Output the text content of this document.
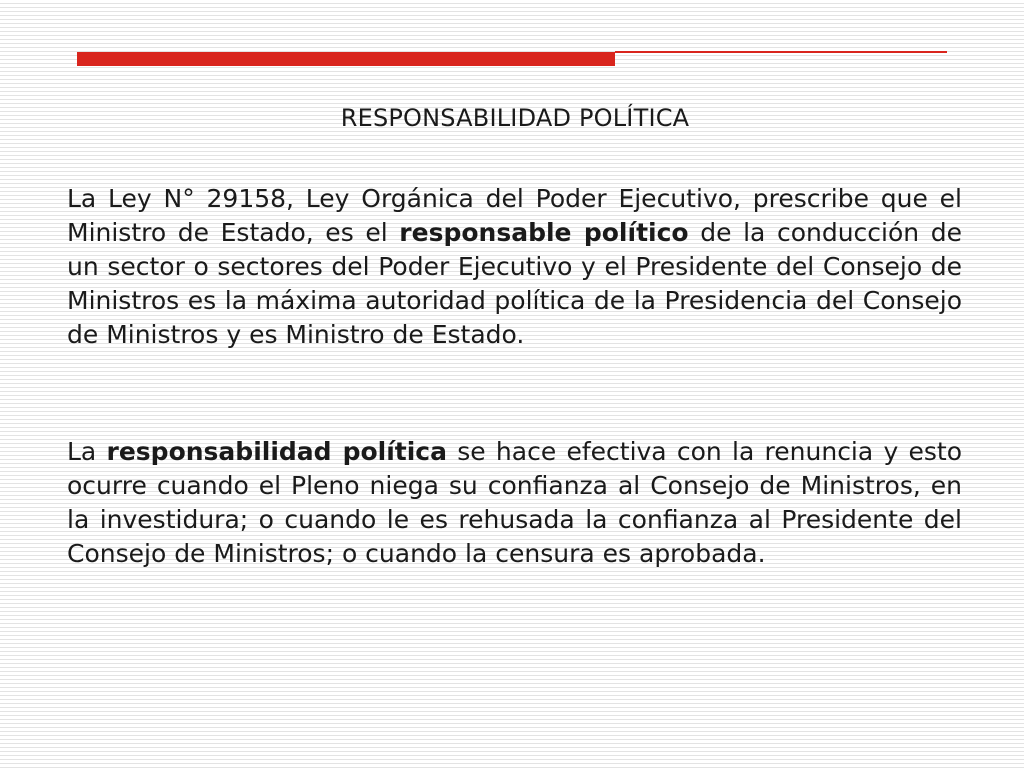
RESPONSABILIDAD POLÍTICA

La Ley N° 29158, Ley Orgánica del Poder Ejecutivo, prescribe que el Ministro de Estado, es el responsable político de la conducción de un sector o sectores del Poder Ejecutivo y el Presidente del Consejo de Ministros es la máxima autoridad política de la Presidencia del Consejo de Ministros y es Ministro de Estado.

La responsabilidad política se hace efectiva con la renuncia y esto ocurre cuando el Pleno niega su confianza al Consejo de Ministros, en la investidura; o cuando le es rehusada la confianza al Presidente del Consejo de Ministros; o cuando la censura es aprobada.
